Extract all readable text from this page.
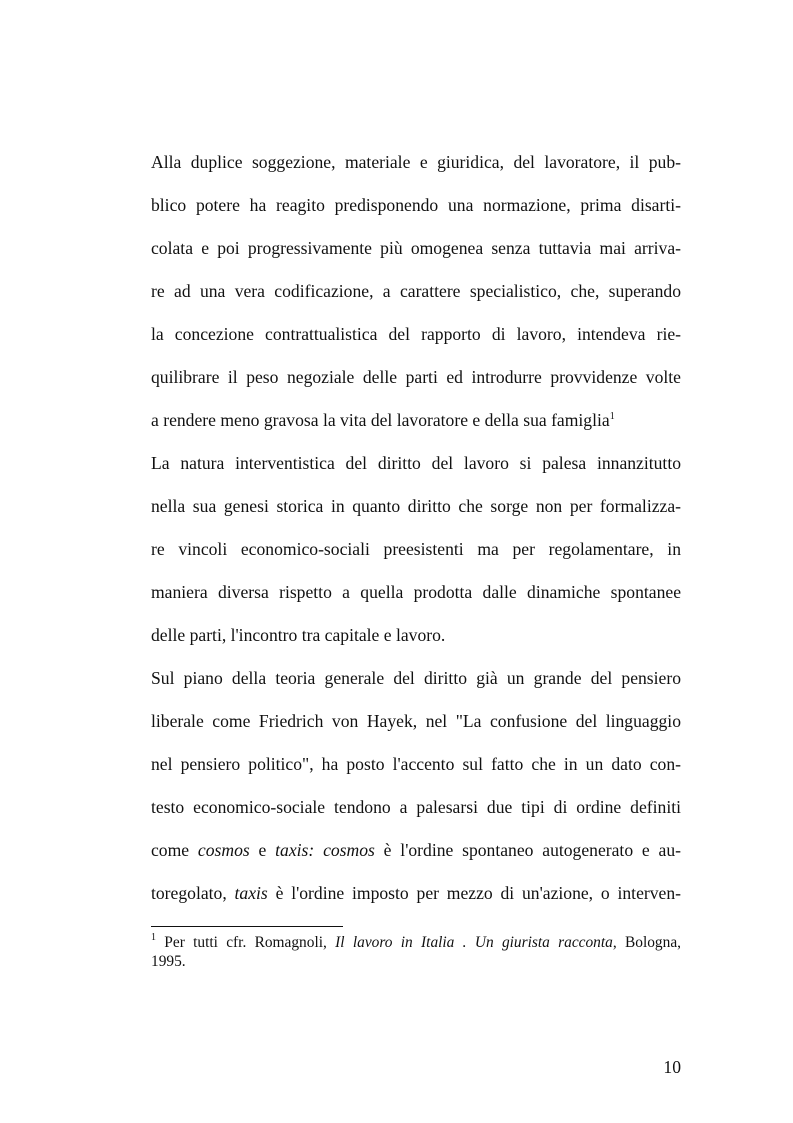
Alla duplice soggezione, materiale e giuridica, del lavoratore, il pub-
blico potere ha reagito predisponendo una normazione, prima disarti-
colata e poi progressivamente più omogenea senza tuttavia mai arriva-
re ad una vera codificazione, a carattere specialistico, che, superando
la concezione contrattualistica del rapporto di lavoro, intendeva rie-
quilibrare il peso negoziale delle parti ed introdurre provvidenze volte
a rendere meno gravosa la vita del lavoratore e della sua famiglia$^1$
La natura interventistica del diritto del lavoro si palesa innanzitutto
nella sua genesi storica in quanto diritto che sorge non per formalizza-
re vincoli economico-sociali preesistenti ma per regolamentare, in
maniera diversa rispetto a quella prodotta dalle dinamiche spontanee
delle parti, l'incontro tra capitale e lavoro.
Sul piano della teoria generale del diritto già un grande del pensiero
liberale come Friedrich von Hayek, nel "La confusione del linguaggio
nel pensiero politico", ha posto l'accento sul fatto che in un dato con-
testo economico-sociale tendono a palesarsi due tipi di ordine definiti
come cosmos e taxis: cosmos è l'ordine spontaneo autogenerato e au-
toregolato, taxis è l'ordine imposto per mezzo di un'azione, o interven-
$^1$ Per tutti cfr. Romagnoli, Il lavoro in Italia . Un giurista racconta, Bologna,
1995.
10
